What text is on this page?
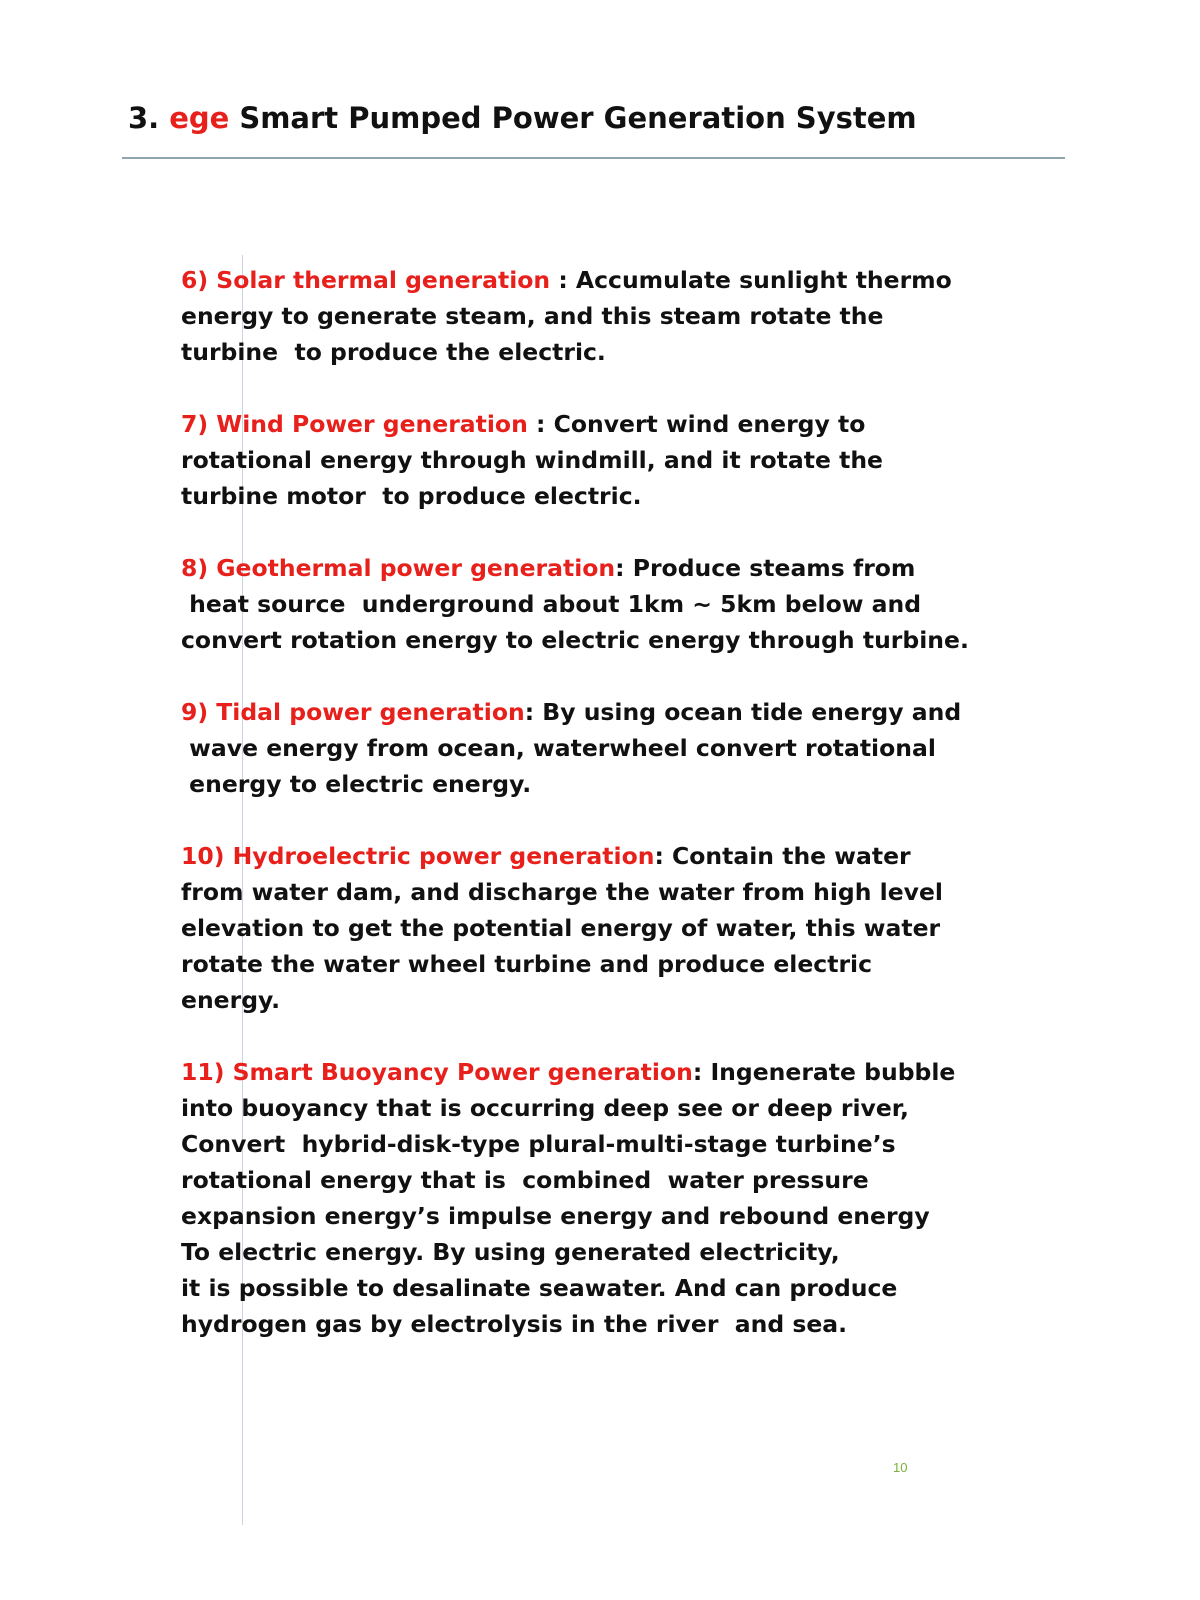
3. ege Smart Pumped Power Generation System
6) Solar thermal generation : Accumulate sunlight thermo
energy to generate steam, and this steam rotate the
turbine  to produce the electric.
7) Wind Power generation : Convert wind energy to
rotational energy through windmill, and it rotate the
turbine motor  to produce electric.
8) Geothermal power generation: Produce steams from
heat source  underground about 1km ~ 5km below and
convert rotation energy to electric energy through turbine.
9) Tidal power generation: By using ocean tide energy and
wave energy from ocean, waterwheel convert rotational
energy to electric energy.
10) Hydroelectric power generation: Contain the water
from water dam, and discharge the water from high level
elevation to get the potential energy of water, this water
rotate the water wheel turbine and produce electric
energy.
11) Smart Buoyancy Power generation: Ingenerate bubble
into buoyancy that is occurring deep see or deep river,
Convert  hybrid-disk-type plural-multi-stage turbine’s
rotational energy that is  combined  water pressure
expansion energy’s impulse energy and rebound energy
To electric energy. By using generated electricity,
it is possible to desalinate seawater. And can produce
hydrogen gas by electrolysis in the river  and sea.
10
